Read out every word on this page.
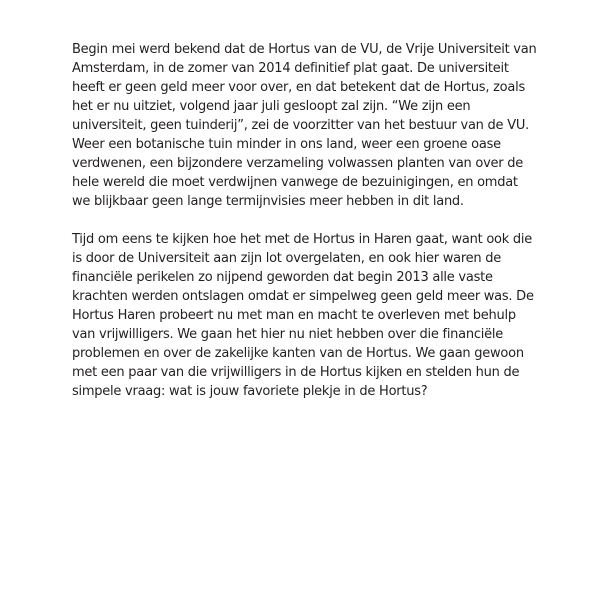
Begin mei werd bekend dat de Hortus van de VU, de Vrije Universiteit van
Amsterdam, in de zomer van 2014 definitief plat gaat. De universiteit
heeft er geen geld meer voor over, en dat betekent dat de Hortus, zoals
het er nu uitziet, volgend jaar juli gesloopt zal zijn. “We zijn een
universiteit, geen tuinderij”, zei de voorzitter van het bestuur van de VU.
Weer een botanische tuin minder in ons land, weer een groene oase
verdwenen, een bijzondere verzameling volwassen planten van over de
hele wereld die moet verdwijnen vanwege de bezuinigingen, en omdat
we blijkbaar geen lange termijnvisies meer hebben in dit land.

Tijd om eens te kijken hoe het met de Hortus in Haren gaat, want ook die
is door de Universiteit aan zijn lot overgelaten, en ook hier waren de
financiële perikelen zo nijpend geworden dat begin 2013 alle vaste
krachten werden ontslagen omdat er simpelweg geen geld meer was. De
Hortus Haren probeert nu met man en macht te overleven met behulp
van vrijwilligers. We gaan het hier nu niet hebben over die financiële
problemen en over de zakelijke kanten van de Hortus. We gaan gewoon
met een paar van die vrijwilligers in de Hortus kijken en stelden hun de
simpele vraag: wat is jouw favoriete plekje in de Hortus?
